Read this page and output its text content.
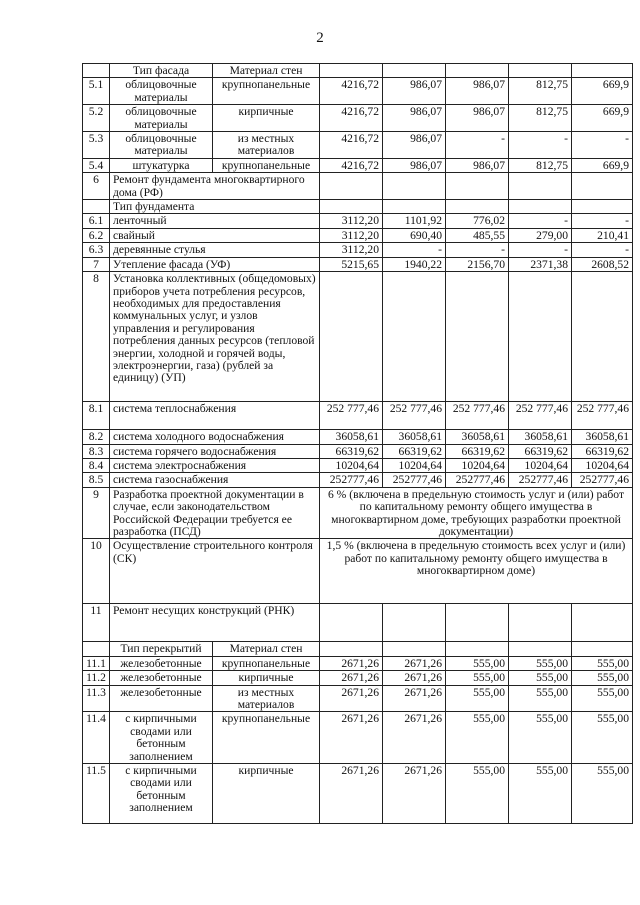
2
	Тип фасада	Материал стен					
5.1	облицовочные материалы	крупнопанельные	4216,72	986,07	986,07	812,75	669,9
5.2	облицовочные материалы	кирпичные	4216,72	986,07	986,07	812,75	669,9
5.3	облицовочные материалы	из местных материалов	4216,72	986,07	-	-	-
5.4	штукатурка	крупнопанельные	4216,72	986,07	986,07	812,75	669,9
6	Ремонт фундамента многоквартирного дома (РФ)						
	Тип фундамента						
6.1	ленточный		3112,20	1101,92	776,02	-	-
6.2	свайный		3112,20	690,40	485,55	279,00	210,41
6.3	деревянные стулья		3112,20	-	-	-	-
7	Утепление фасада (УФ)		5215,65	1940,22	2156,70	2371,38	2608,52
8	Установка коллективных (общедомовых) приборов учета потребления ресурсов, необходимых для предоставления коммунальных услуг, и узлов управления и регулирования потребления данных ресурсов (тепловой энергии, холодной и горячей воды, электроэнергии, газа) (рублей за единицу) (УП)						
8.1	система теплоснабжения		252 777,46	252 777,46	252 777,46	252 777,46	252 777,46
8.2	система холодного водоснабжения		36058,61	36058,61	36058,61	36058,61	36058,61
8.3	система горячего водоснабжения		66319,62	66319,62	66319,62	66319,62	66319,62
8.4	система электроснабжения		10204,64	10204,64	10204,64	10204,64	10204,64
8.5	система газоснабжения		252777,46	252777,46	252777,46	252777,46	252777,46
9	Разработка проектной документации в случае, если законодательством Российской Федерации требуется ее разработка (ПСД)		6 % (включена в предельную стоимость услуг и (или) работ по капитальному ремонту общего имущества в многоквартирном доме, требующих разработки проектной документации)				
10	Осуществление строительного контроля (СК)		1,5 % (включена в предельную стоимость всех услуг и (или) работ по капитальному ремонту общего имущества в многоквартирном доме)				
11	Ремонт несущих конструкций (РНК)						
	Тип перекрытий	Материал стен					
11.1	железобетонные	крупнопанельные	2671,26	2671,26	555,00	555,00	555,00
11.2	железобетонные	кирпичные	2671,26	2671,26	555,00	555,00	555,00
11.3	железобетонные	из местных материалов	2671,26	2671,26	555,00	555,00	555,00
11.4	с кирпичными сводами или бетонным заполнением	крупнопанельные	2671,26	2671,26	555,00	555,00	555,00
11.5	с кирпичными сводами или бетонным заполнением	кирпичные	2671,26	2671,26	555,00	555,00	555,00
